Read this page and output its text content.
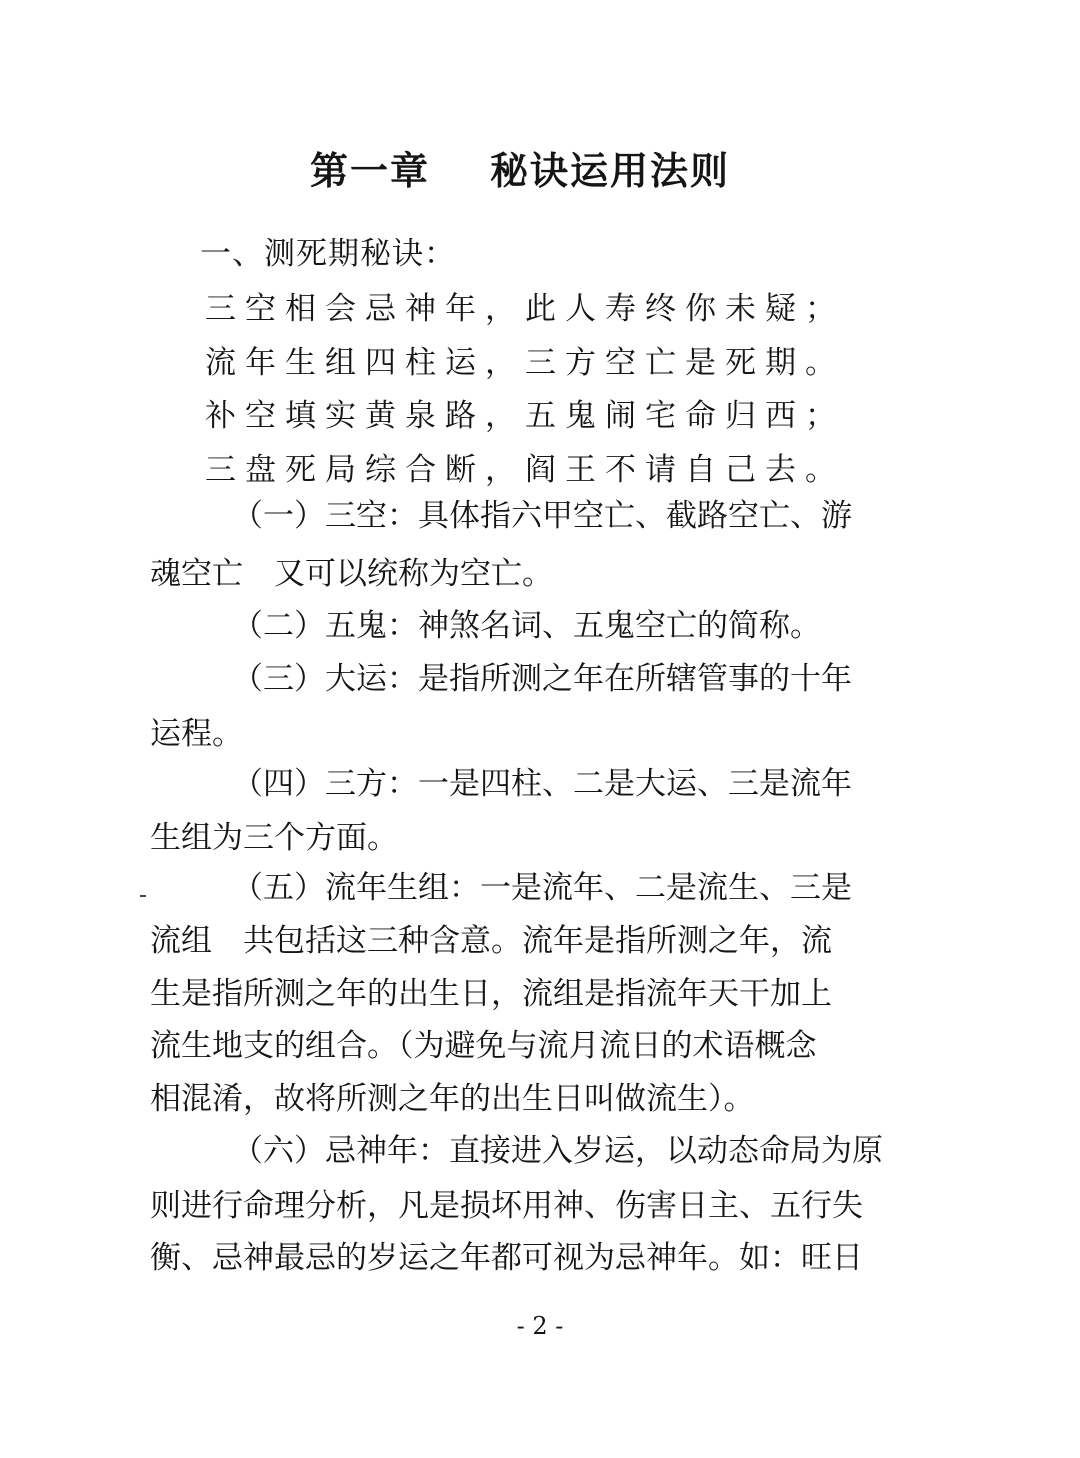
第一章 秘诀运用法则
一、测死期秘诀：
三空相会忌神年，此人寿终你未疑；
流年生组四柱运，三方空亡是死期。
补空填实黄泉路，五鬼闹宅命归西；
三盘死局综合断，阎王不请自己去。
（一）三空：具体指六甲空亡、截路空亡、游
魂空亡　又可以统称为空亡。
（二）五鬼：神煞名词、五鬼空亡的简称。
（三）大运：是指所测之年在所辖管事的十年
运程。
（四）三方：一是四柱、二是大运、三是流年
生组为三个方面。
（五）流年生组：一是流年、二是流生、三是
流组　共包括这三种含意。流年是指所测之年，流
生是指所测之年的出生日，流组是指流年天干加上
流生地支的组合。（为避免与流月流日的术语概念
相混淆，故将所测之年的出生日叫做流生）。
（六）忌神年：直接进入岁运，以动态命局为原
则进行命理分析，凡是损坏用神、伤害日主、五行失
衡、忌神最忌的岁运之年都可视为忌神年。如：旺日
- 2 -
